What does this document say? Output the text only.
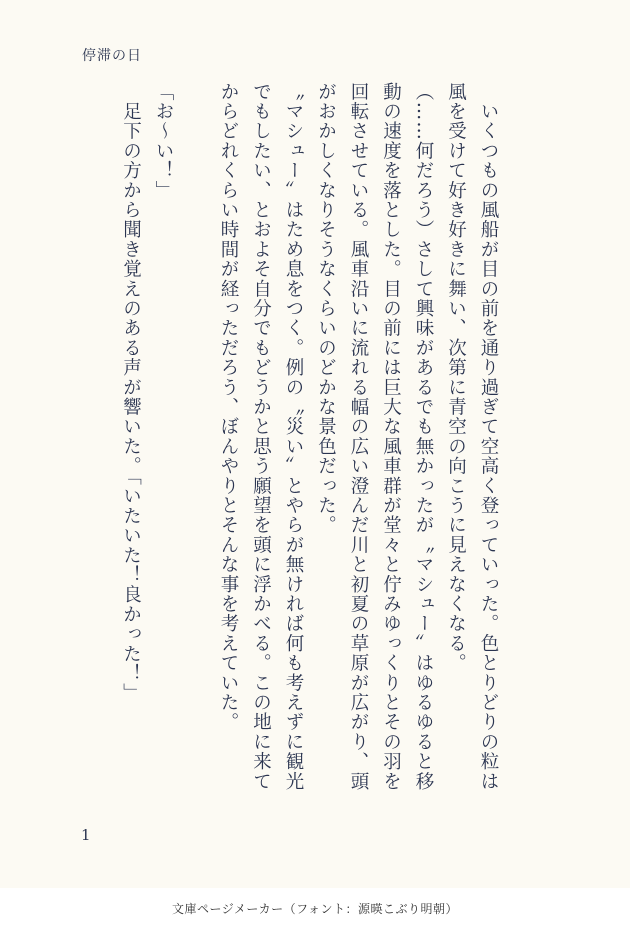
停滞の日

　いくつもの風船が目の前を通り過ぎて空高く登っていった。色とりどりの粒は

風を受けて好き好きに舞い、次第に青空の向こうに見えなくなる。

（……何だろう）さして興味があるでも無かったが〝マシュー〟はゆるゆると移

動の速度を落とした。目の前には巨大な風車群が堂々と佇みゆっくりとその羽を

回転させている。風車沿いに流れる幅の広い澄んだ川と初夏の草原が広がり、頭

がおかしくなりそうなくらいのどかな景色だった。

〝マシュー〟はため息をつく。例の〝災い〟とやらが無ければ何も考えずに観光

でもしたい、とおよそ自分でもどうかと思う願望を頭に浮かべる。この地に来て

からどれくらい時間が経っただろう、ぼんやりとそんな事を考えていた。

「お〜い！」

　足下の方から聞き覚えのある声が響いた。「いたいた！良かった！」

1
文庫ページメーカー（フォント：源暎こぶり明朝）
